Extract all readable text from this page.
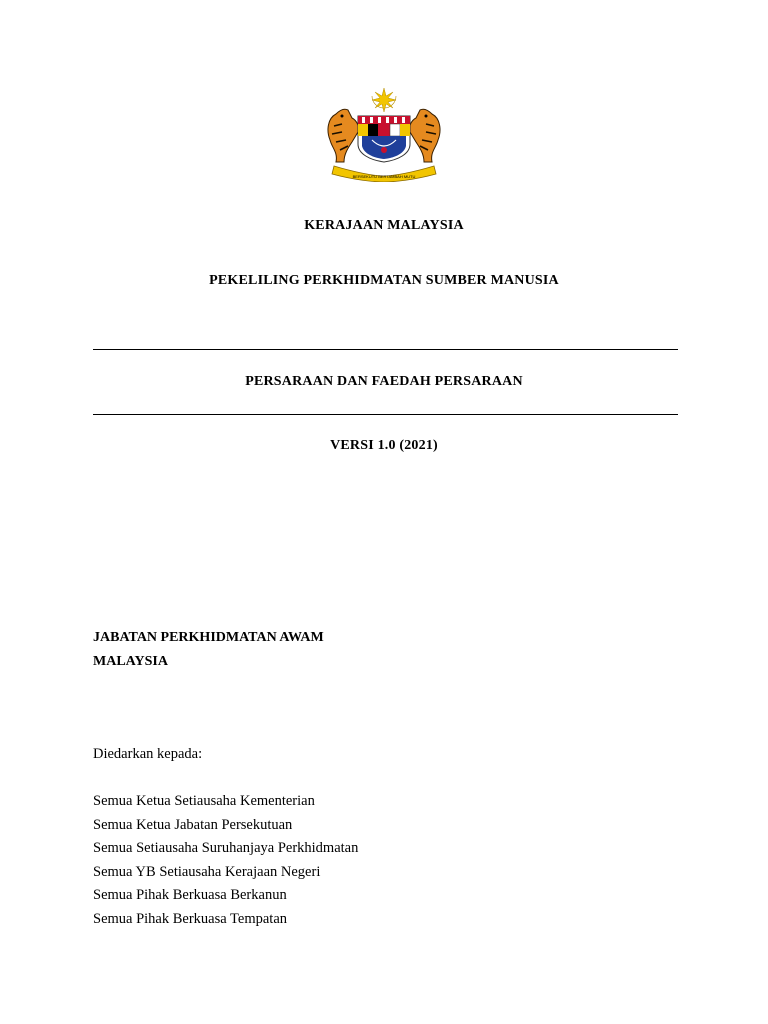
BERSEKUTU BERTAMBAH MUTU
KERAJAAN MALAYSIA
PEKELILING PERKHIDMATAN SUMBER MANUSIA
PERSARAAN DAN FAEDAH PERSARAAN
VERSI 1.0 (2021)
JABATAN PERKHIDMATAN AWAM
MALAYSIA
Diedarkan kepada:
Semua Ketua Setiausaha Kementerian
Semua Ketua Jabatan Persekutuan
Semua Setiausaha Suruhanjaya Perkhidmatan
Semua YB Setiausaha Kerajaan Negeri
Semua Pihak Berkuasa Berkanun
Semua Pihak Berkuasa Tempatan
